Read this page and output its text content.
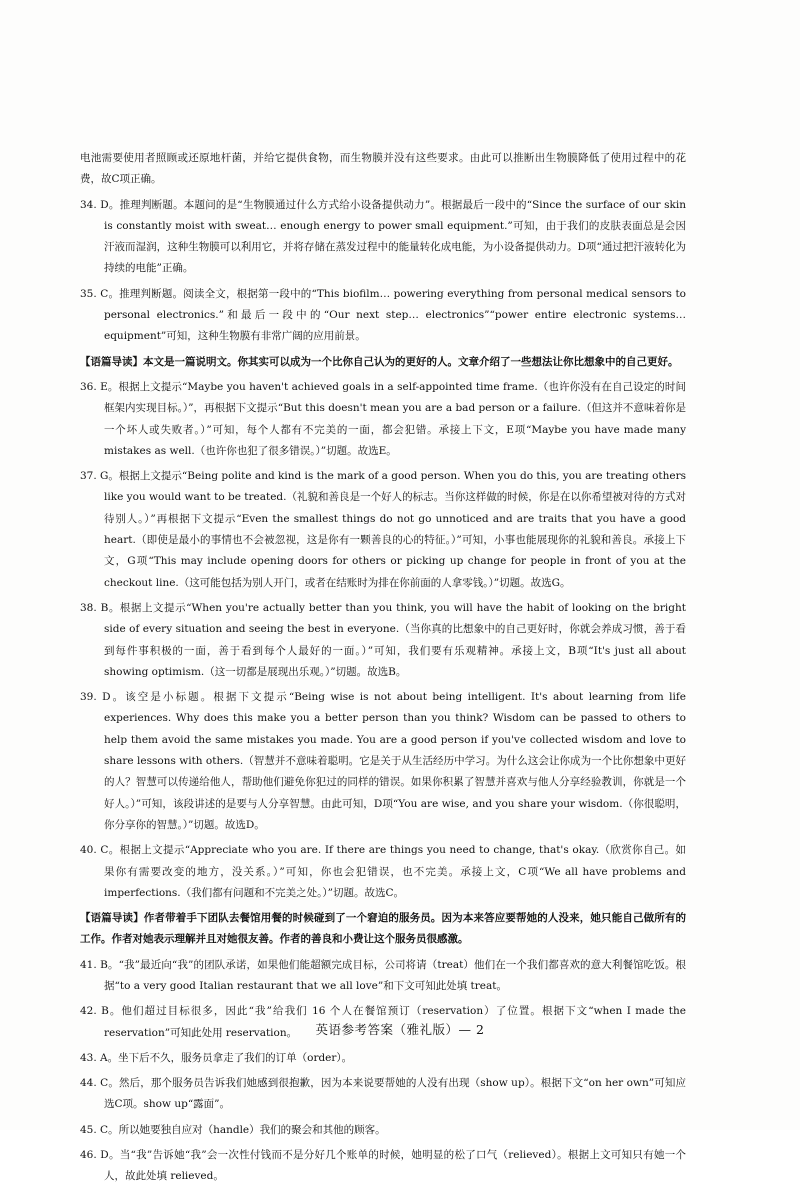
电池需要使用者照顾或还原地杆菌，并给它提供食物，而生物膜并没有这些要求。由此可以推断出生物膜降低了使用过程中的花费，故C项正确。

34. D。推理判断题。本题问的是“生物膜通过什么方式给小设备提供动力”。根据最后一段中的“Since the surface of our skin is constantly moist with sweat… enough energy to power small equipment.”可知，由于我们的皮肤表面总是会因汗液而湿润，这种生物膜可以利用它，并将存储在蒸发过程中的能量转化成电能，为小设备提供动力。D项“通过把汗液转化为持续的电能”正确。

35. C。推理判断题。阅读全文，根据第一段中的“This biofilm… powering everything from personal medical sensors to personal electronics.”和最后一段中的“Our next step… electronics”“power entire electronic systems… equipment”可知，这种生物膜有非常广阔的应用前景。

【语篇导读】本文是一篇说明文。你其实可以成为一个比你自己认为的更好的人。文章介绍了一些想法让你比想象中的自己更好。

36. E。根据上文提示“Maybe you haven't achieved goals in a self-appointed time frame.（也许你没有在自己设定的时间框架内实现目标。）”，再根据下文提示“But this doesn't mean you are a bad person or a failure.（但这并不意味着你是一个坏人或失败者。）”可知，每个人都有不完美的一面，都会犯错。承接上下文，E项“Maybe you have made many mistakes as well.（也许你也犯了很多错误。）”切题。故选E。

37. G。根据上文提示“Being polite and kind is the mark of a good person. When you do this, you are treating others like you would want to be treated.（礼貌和善良是一个好人的标志。当你这样做的时候，你是在以你希望被对待的方式对待别人。）”再根据下文提示“Even the smallest things do not go unnoticed and are traits that you have a good heart.（即使是最小的事情也不会被忽视，这是你有一颗善良的心的特征。）”可知，小事也能展现你的礼貌和善良。承接上下文，G项“This may include opening doors for others or picking up change for people in front of you at the checkout line.（这可能包括为别人开门，或者在结账时为排在你前面的人拿零钱。）”切题。故选G。

38. B。根据上文提示“When you're actually better than you think, you will have the habit of looking on the bright side of every situation and seeing the best in everyone.（当你真的比想象中的自己更好时，你就会养成习惯，善于看到每件事积极的一面，善于看到每个人最好的一面。）”可知，我们要有乐观精神。承接上文，B项“It's just all about showing optimism.（这一切都是展现出乐观。）”切题。故选B。

39. D。该空是小标题。根据下文提示“Being wise is not about being intelligent. It's about learning from life experiences. Why does this make you a better person than you think? Wisdom can be passed to others to help them avoid the same mistakes you made. You are a good person if you've collected wisdom and love to share lessons with others.（智慧并不意味着聪明。它是关于从生活经历中学习。为什么这会让你成为一个比你想象中更好的人？智慧可以传递给他人，帮助他们避免你犯过的同样的错误。如果你积累了智慧并喜欢与他人分享经验教训，你就是一个好人。）”可知，该段讲述的是要与人分享智慧。由此可知，D项“You are wise, and you share your wisdom.（你很聪明，你分享你的智慧。）”切题。故选D。

40. C。根据上文提示“Appreciate who you are. If there are things you need to change, that's okay.（欣赏你自己。如果你有需要改变的地方，没关系。）”可知，你也会犯错误，也不完美。承接上文，C项“We all have problems and imperfections.（我们都有问题和不完美之处。）”切题。故选C。

【语篇导读】作者带着手下团队去餐馆用餐的时候碰到了一个窘迫的服务员。因为本来答应要帮她的人没来，她只能自己做所有的工作。作者对她表示理解并且对她很友善。作者的善良和小费让这个服务员很感激。

41. B。“我”最近向“我”的团队承诺，如果他们能超额完成目标，公司将请（treat）他们在一个我们都喜欢的意大利餐馆吃饭。根据“to a very good Italian restaurant that we all love”和下文可知此处填 treat。

42. B。他们超过目标很多，因此“我”给我们 16 个人在餐馆预订（reservation）了位置。根据下文“when I made the reservation”可知此处用 reservation。

43. A。坐下后不久，服务员拿走了我们的订单（order）。

44. C。然后，那个服务员告诉我们她感到很抱歉，因为本来说要帮她的人没有出现（show up）。根据下文“on her own”可知应选C项。show up“露面”。

45. C。所以她要独自应对（handle）我们的聚会和其他的顾客。

46. D。当“我”告诉她“我”会一次性付钱而不是分好几个账单的时候，她明显的松了口气（relieved）。根据上文可知只有她一个人，故此处填 relieved。

英语参考答案（雅礼版）— 2
